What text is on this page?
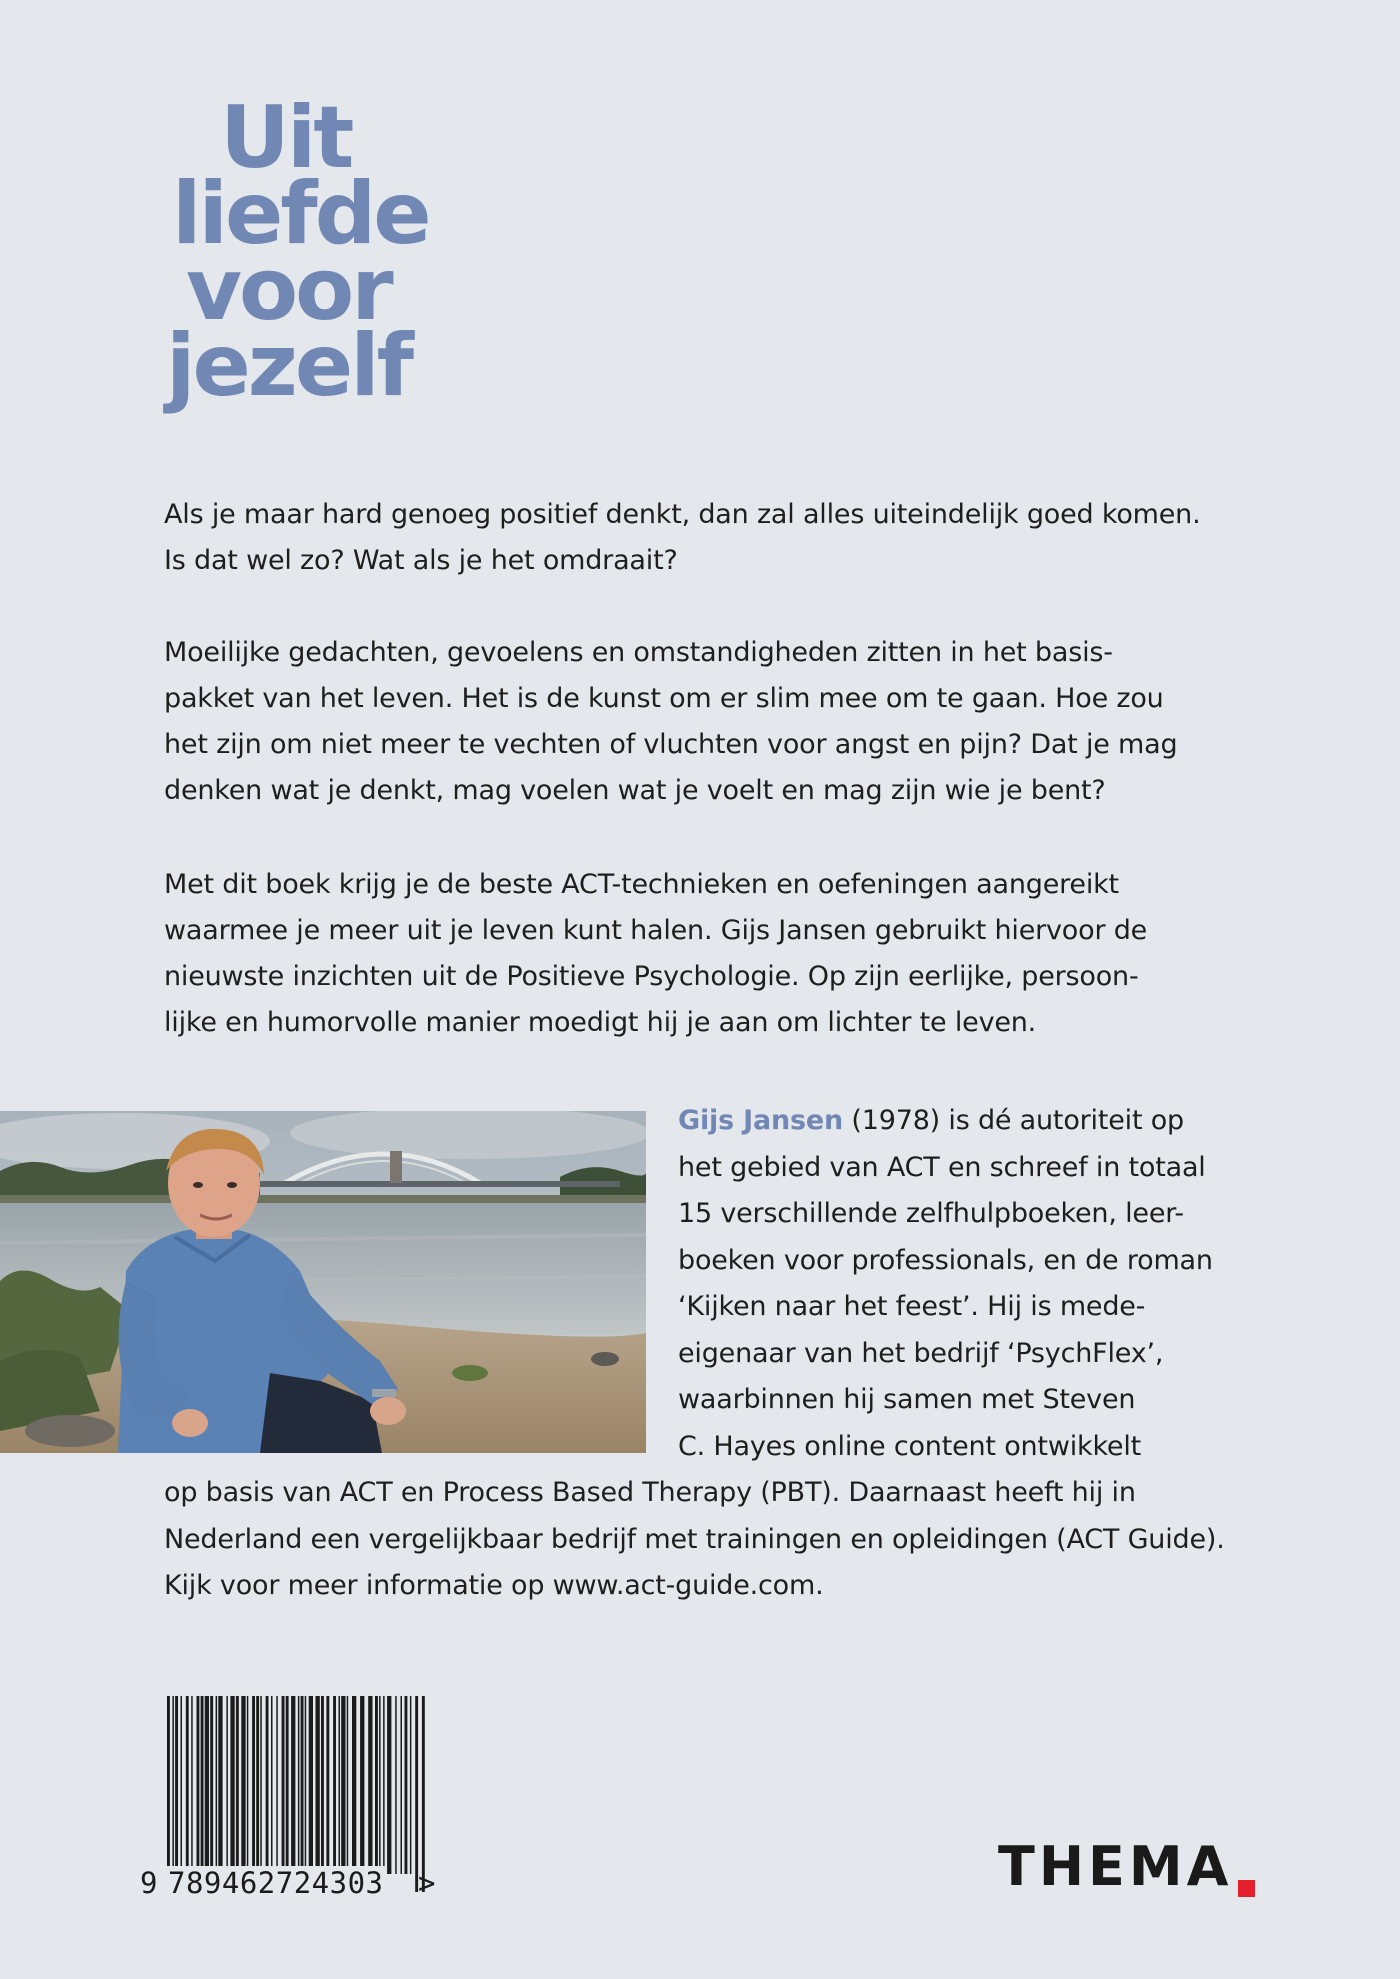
Uit
liefde
voor
jezelf

Als je maar hard genoeg positief denkt, dan zal alles uiteindelijk goed komen.
Is dat wel zo? Wat als je het omdraait?

Moeilijke gedachten, gevoelens en omstandigheden zitten in het basis-
pakket van het leven. Het is de kunst om er slim mee om te gaan. Hoe zou
het zijn om niet meer te vechten of vluchten voor angst en pijn? Dat je mag
denken wat je denkt, mag voelen wat je voelt en mag zijn wie je bent?

Met dit boek krijg je de beste ACT-technieken en oefeningen aangereikt
waarmee je meer uit je leven kunt halen. Gijs Jansen gebruikt hiervoor de
nieuwste inzichten uit de Positieve Psychologie. Op zijn eerlijke, persoon-
lijke en humorvolle manier moedigt hij je aan om lichter te leven.

Gijs Jansen (1978) is dé autoriteit op
het gebied van ACT en schreef in totaal
15 verschillende zelfhulpboeken, leer-
boeken voor professionals, en de roman
‘Kijken naar het feest’. Hij is mede-
eigenaar van het bedrijf ‘PsychFlex’,
waarbinnen hij samen met Steven
C. Hayes online content ontwikkelt

op basis van ACT en Process Based Therapy (PBT). Daarnaast heeft hij in
Nederland een vergelijkbaar bedrijf met trainingen en opleidingen (ACT Guide).
Kijk voor meer informatie op www.act-guide.com.

9 789462724303 >	THEMA
